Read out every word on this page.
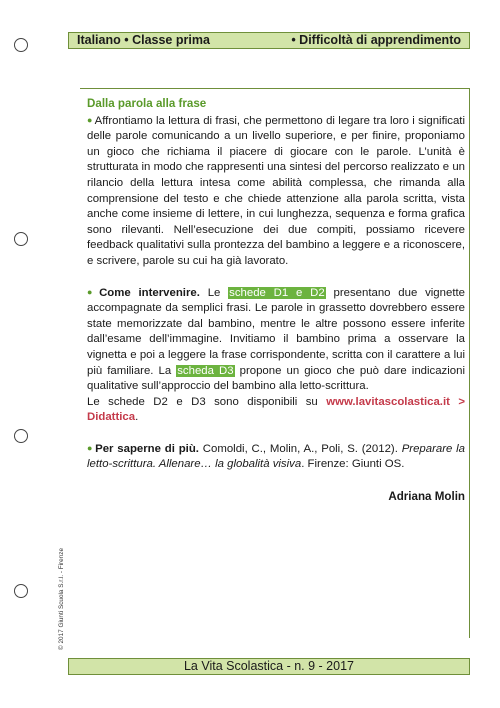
Italiano • Classe prima	• Difficoltà di apprendimento
Dalla parola alla frase

● Affrontiamo la lettura di frasi, che permettono di legare tra loro i significati delle parole comunicando a un livello superiore, e per finire, proponiamo un gioco che richiama il piacere di giocare con le parole. L’unità è strutturata in modo che rappresenti una sintesi del percorso realizzato e un rilancio della lettura intesa come abilità complessa, che rimanda alla comprensione del testo e che chiede attenzione alla parola scritta, vista anche come insieme di lettere, in cui lunghezza, sequenza e forma grafica sono rilevanti. Nell’esecuzione dei due compiti, possiamo ricevere feedback qualitativi sulla prontezza del bambino a leggere e a riconoscere, e scrivere, parole su cui ha già lavorato.

● Come intervenire. Le schede D1 e D2 presentano due vignette accompagnate da semplici frasi. Le parole in grassetto dovrebbero essere state memorizzate dal bambino, mentre le altre possono essere inferite dall’esame dell’immagine. Invitiamo il bambino prima a osservare la vignetta e poi a leggere la frase corrispondente, scritta con il carattere a lui più familiare. La scheda D3 propone un gioco che può dare indicazioni qualitative sull’approccio del bambino alla letto-scrittura.
Le schede D2 e D3 sono disponibili su www.lavitascolastica.it > Didattica.

● Per saperne di più. Comoldi, C., Molin, A., Poli, S. (2012). Preparare la letto-scrittura. Allenare… la globalità visiva. Firenze: Giunti OS.

Adriana Molin
© 2017 Giunti Scuola S.r.l. - Firenze
La Vita Scolastica - n. 9 - 2017
